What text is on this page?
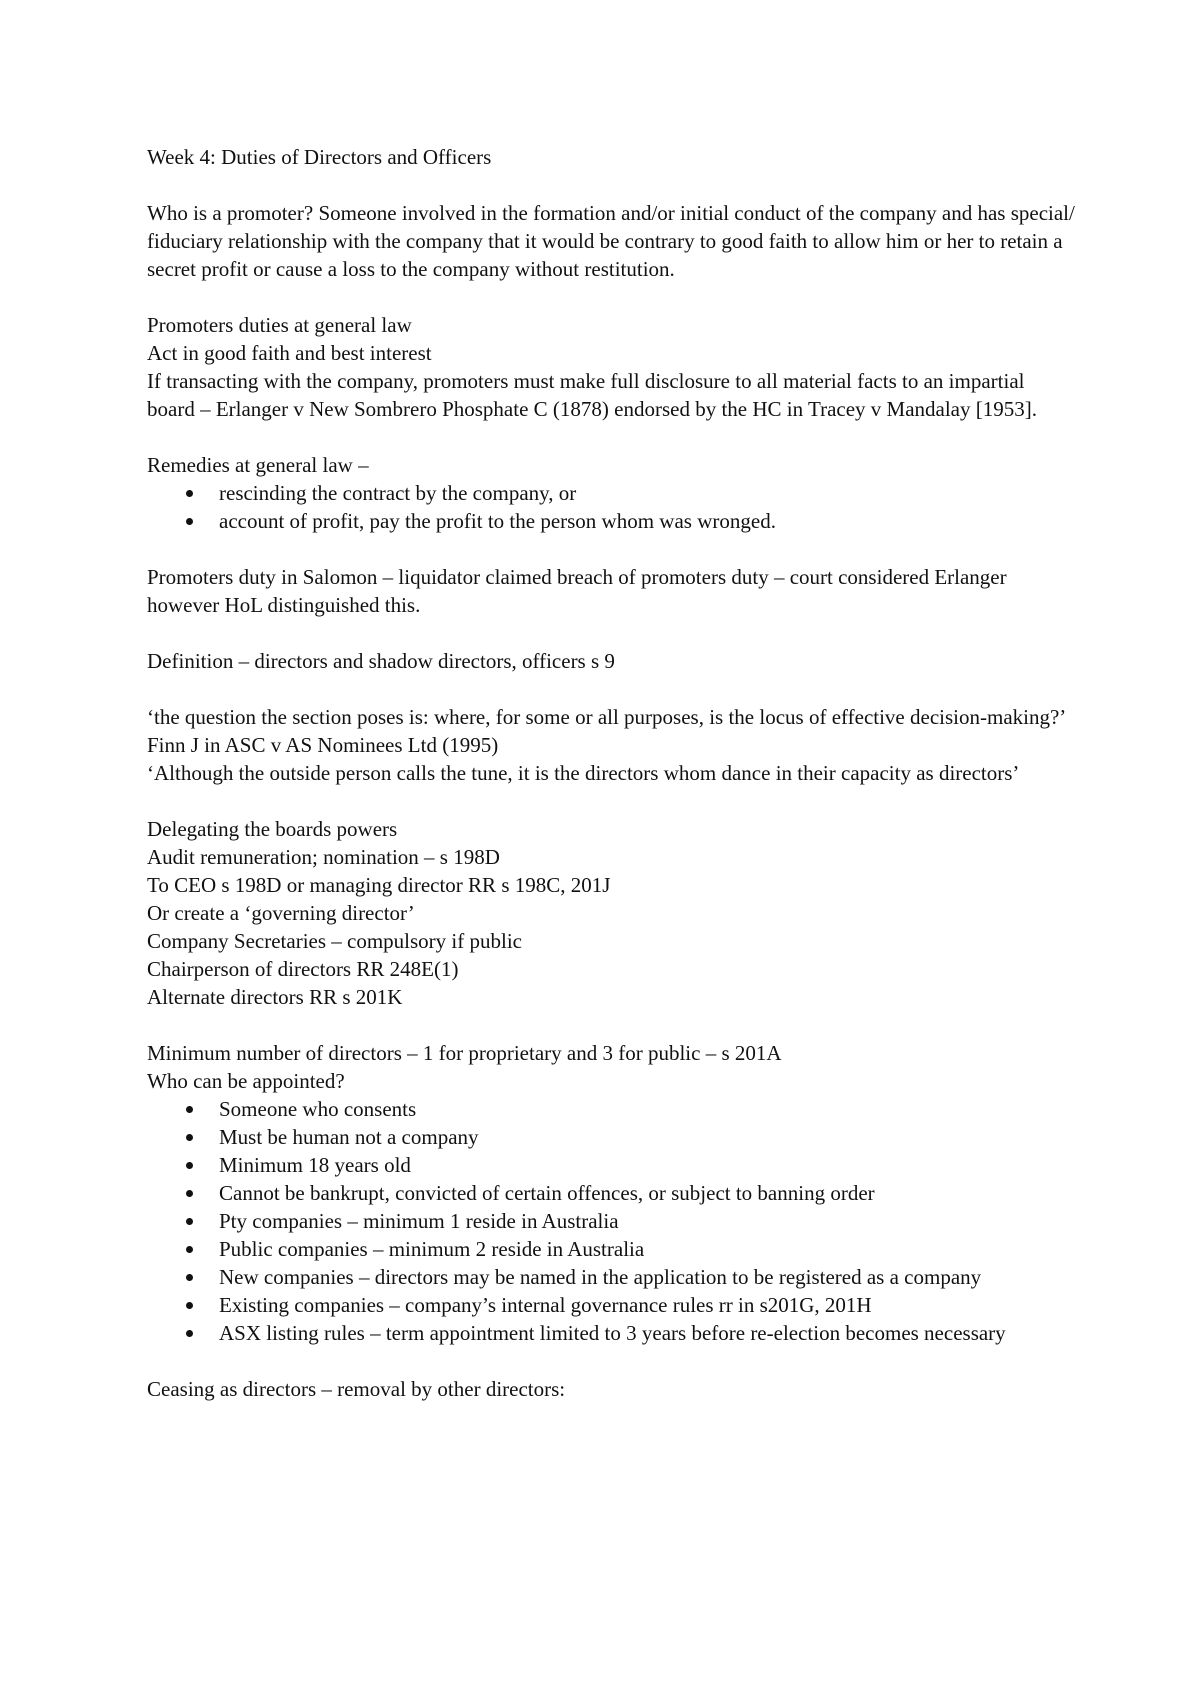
Week 4: Duties of Directors and Officers

Who is a promoter? Someone involved in the formation and/or initial conduct of the company and has special/ fiduciary relationship with the company that it would be contrary to good faith to allow him or her to retain a secret profit or cause a loss to the company without restitution.

Promoters duties at general law

Act in good faith and best interest

If transacting with the company, promoters must make full disclosure to all material facts to an impartial board – Erlanger v New Sombrero Phosphate C (1878) endorsed by the HC in Tracey v Mandalay [1953].

Remedies at general law –

rescinding the contract by the company, or
account of profit, pay the profit to the person whom was wronged.

Promoters duty in Salomon – liquidator claimed breach of promoters duty – court considered Erlanger however HoL distinguished this.

Definition – directors and shadow directors, officers s 9

‘the question the section poses is: where, for some or all purposes, is the locus of effective decision-making?’ Finn J in ASC v AS Nominees Ltd (1995)

‘Although the outside person calls the tune, it is the directors whom dance in their capacity as directors’

Delegating the boards powers

Audit remuneration; nomination – s 198D

To CEO s 198D or managing director RR s 198C, 201J

Or create a ‘governing director’

Company Secretaries – compulsory if public

Chairperson of directors RR 248E(1)

Alternate directors RR s 201K

Minimum number of directors – 1 for proprietary and 3 for public – s 201A

Who can be appointed?

Someone who consents
Must be human not a company
Minimum 18 years old
Cannot be bankrupt, convicted of certain offences, or subject to banning order
Pty companies – minimum 1 reside in Australia
Public companies – minimum 2 reside in Australia
New companies – directors may be named in the application to be registered as a company
Existing companies – company’s internal governance rules rr in s201G, 201H
ASX listing rules – term appointment limited to 3 years before re-election becomes necessary

Ceasing as directors – removal by other directors:
